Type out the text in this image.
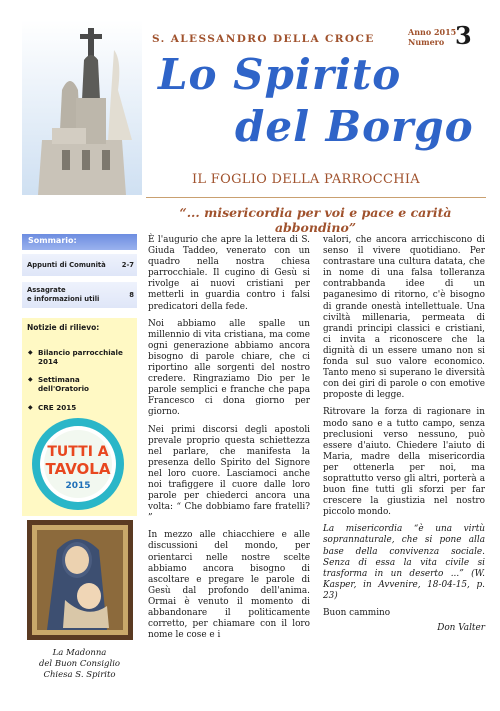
S. ALESSANDRO DELLA CROCE
Anno 2015
Numero 3
Lo Spirito
del Borgo
IL FOGLIO DELLA PARROCCHIA
“... misericordia per voi e pace e carità abbondino”
Sommario:
Appunti di Comunità 2-7
Assagrate
e informazioni utili	8
Notizie di rilievo:
◆ Bilancio parrocchiale
2014
◆ Settimana
dell'Oratorio
◆ CRE 2015
TUTTI A
TAVOLA
2015
La Madonna
del Buon Consiglio
Chiesa S. Spirito

È l'augurio che apre la lettera di S. Giuda Taddeo, venerato con un quadro nella nostra chiesa parrocchiale. Il cugino di Gesù si rivolge ai nuovi cristiani per metterli in guardia contro i falsi predicatori della fede.

Noi abbiamo alle spalle un millennio di vita cristiana, ma come ogni generazione abbiamo ancora bisogno di parole chiare, che ci riportino alle sorgenti del nostro credere. Ringraziamo Dio per le parole semplici e franche che papa Francesco ci dona giorno per giorno.

Nei primi discorsi degli apostoli prevale proprio questa schiettezza nel parlare, che manifesta la presenza dello Spirito del Signore nel loro cuore. Lasciamoci anche noi trafiggere il cuore dalle loro parole per chiederci ancora una volta: “ Che dobbiamo fare fratelli? ”

In mezzo alle chiacchiere e alle discussioni del mondo, per orientarci nelle nostre scelte abbiamo ancora bisogno di ascoltare e pregare le parole di Gesù dal profondo dell'anima. Ormai è venuto il momento di abbandonare il politicamente corretto, per chiamare con il loro nome le cose e i

valori, che ancora arricchiscono di senso il vivere quotidiano. Per contrastare una cultura datata, che in nome di una falsa tolleranza contrabbanda idee di un paganesimo di ritorno, c'è bisogno di grande onestà intellettuale. Una civiltà millenaria, permeata di grandi principi classici e cristiani, ci invita a riconoscere che la dignità di un essere umano non si fonda sul suo valore economico. Tanto meno si superano le diversità con dei giri di parole o con emotive proposte di legge.

Ritrovare la forza di ragionare in modo sano e a tutto campo, senza preclusioni verso nessuno, può essere d'aiuto. Chiedere l'aiuto di Maria, madre della misericordia per ottenerla per noi, ma soprattutto verso gli altri, porterà a buon fine tutti gli sforzi per far crescere la giustizia nel nostro piccolo mondo.

La misericordia “è una virtù soprannaturale, che si pone alla base della convivenza sociale. Senza di essa la vita civile si trasforma in un deserto ...” (W. Kasper, in Avvenire, 18-04-15, p. 23)

Buon cammino

Don Valter
